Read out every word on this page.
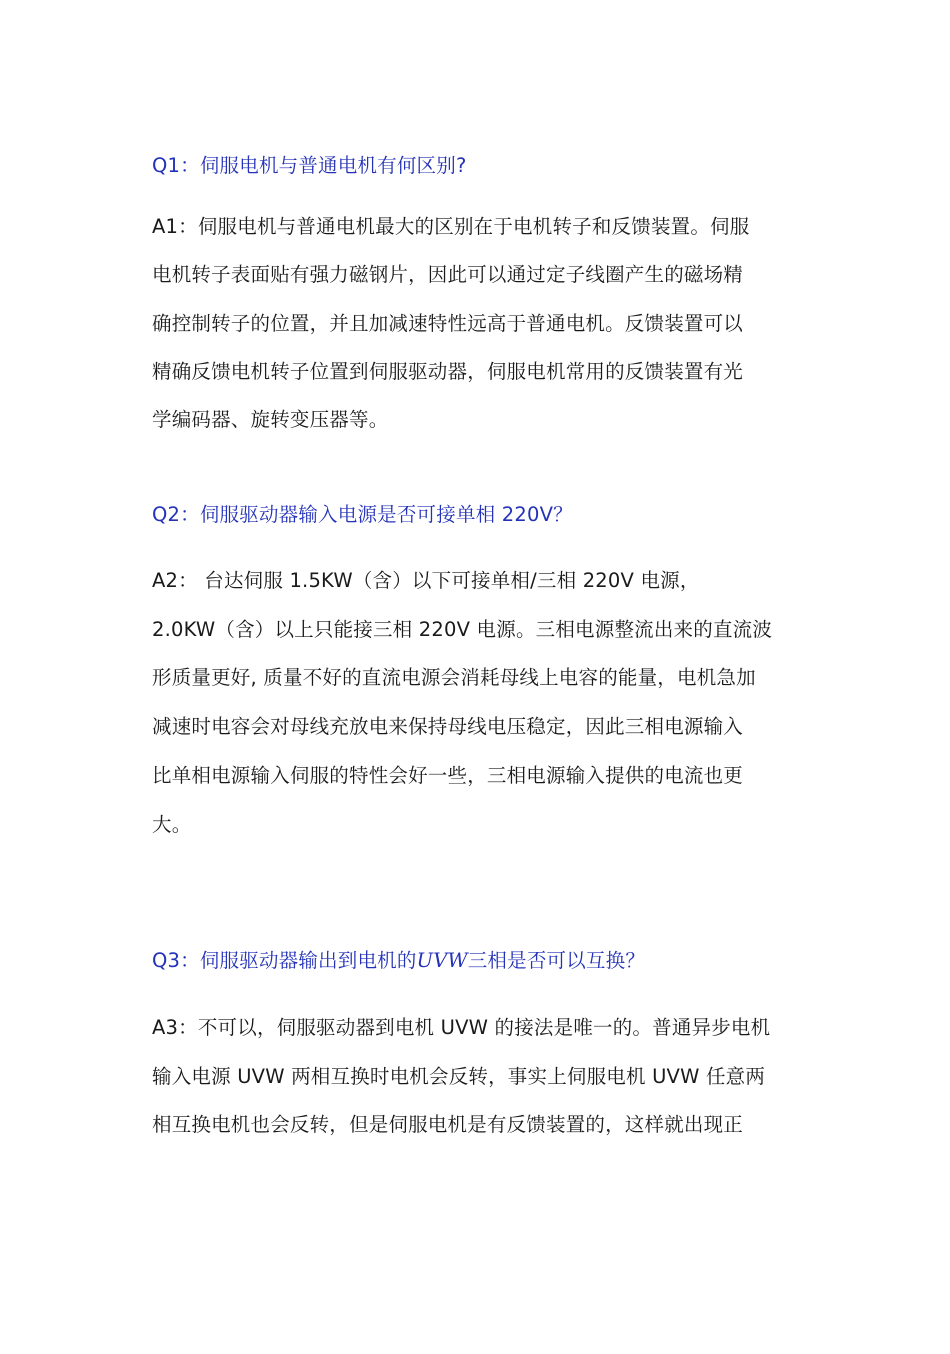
Q1：伺服电机与普通电机有何区别?
A1：伺服电机与普通电机最大的区别在于电机转子和反馈装置。伺服
电机转子表面贴有强力磁钢片，因此可以通过定子线圈产生的磁场精
确控制转子的位置，并且加减速特性远高于普通电机。反馈装置可以
精确反馈电机转子位置到伺服驱动器，伺服电机常用的反馈装置有光
学编码器、旋转变压器等。
Q2：伺服驱动器输入电源是否可接单相 220V？
A2： 台达伺服 1.5KW（含）以下可接单相/三相 220V 电源，
2.0KW（含）以上只能接三相 220V 电源。三相电源整流出来的直流波
形质量更好, 质量不好的直流电源会消耗母线上电容的能量，电机急加
减速时电容会对母线充放电来保持母线电压稳定，因此三相电源输入
比单相电源输入伺服的特性会好一些，三相电源输入提供的电流也更
大。
Q3：伺服驱动器输出到电机的UVW三相是否可以互换？
A3：不可以，伺服驱动器到电机 UVW 的接法是唯一的。普通异步电机
输入电源 UVW 两相互换时电机会反转，事实上伺服电机 UVW 任意两
相互换电机也会反转，但是伺服电机是有反馈装置的，这样就出现正
